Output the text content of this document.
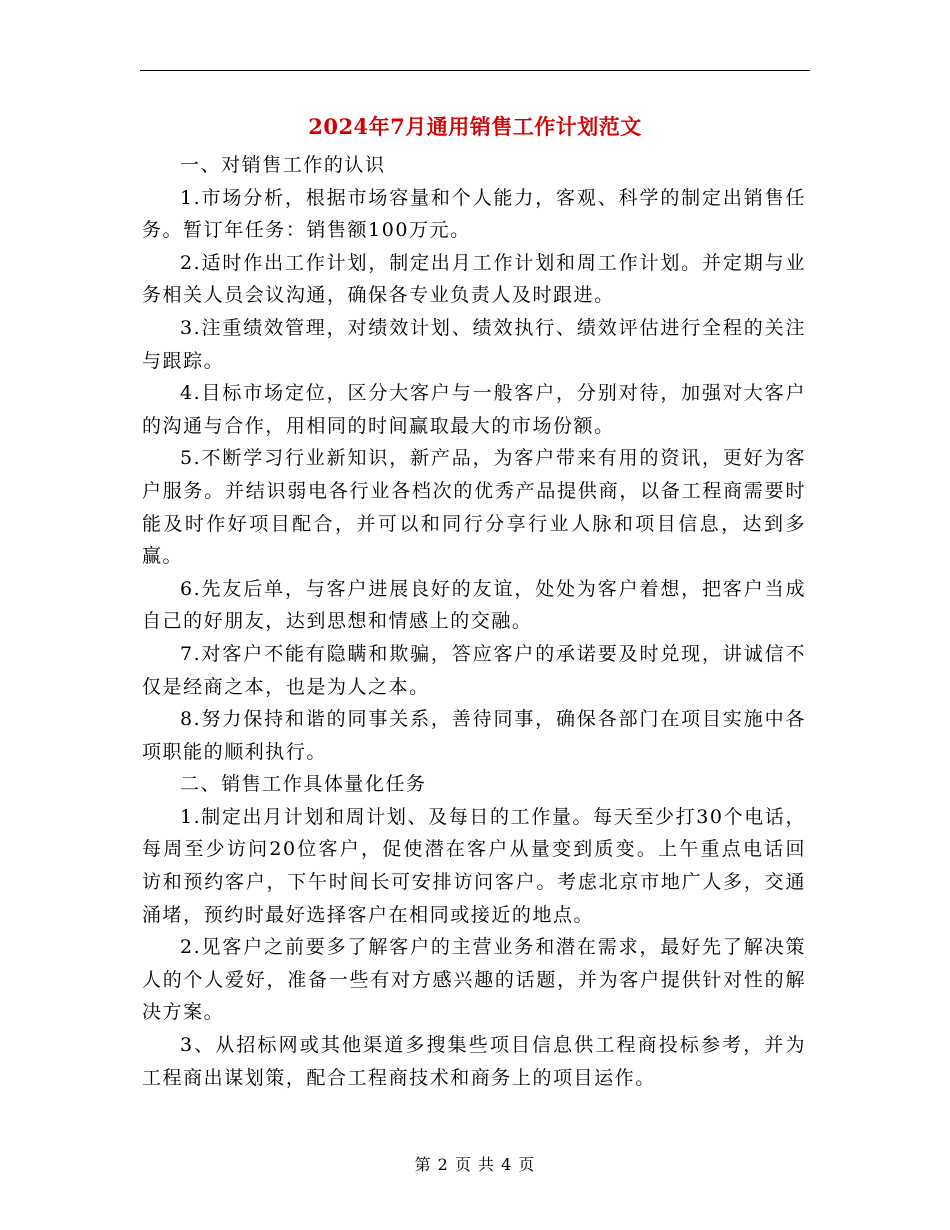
2024年7月通用销售工作计划范文

一、对销售工作的认识

1.市场分析，根据市场容量和个人能力，客观、科学的制定出销售任务。暂订年任务：销售额100万元。

2.适时作出工作计划，制定出月工作计划和周工作计划。并定期与业务相关人员会议沟通，确保各专业负责人及时跟进。

3.注重绩效管理，对绩效计划、绩效执行、绩效评估进行全程的关注与跟踪。

4.目标市场定位，区分大客户与一般客户，分别对待，加强对大客户的沟通与合作，用相同的时间赢取最大的市场份额。

5.不断学习行业新知识，新产品，为客户带来有用的资讯，更好为客户服务。并结识弱电各行业各档次的优秀产品提供商，以备工程商需要时能及时作好项目配合，并可以和同行分享行业人脉和项目信息，达到多赢。

6.先友后单，与客户进展良好的友谊，处处为客户着想，把客户当成自己的好朋友，达到思想和情感上的交融。

7.对客户不能有隐瞒和欺骗，答应客户的承诺要及时兑现，讲诚信不仅是经商之本，也是为人之本。

8.努力保持和谐的同事关系，善待同事，确保各部门在项目实施中各项职能的顺利执行。

二、销售工作具体量化任务

1.制定出月计划和周计划、及每日的工作量。每天至少打30个电话，每周至少访问20位客户，促使潜在客户从量变到质变。上午重点电话回访和预约客户，下午时间长可安排访问客户。考虑北京市地广人多，交通涌堵，预约时最好选择客户在相同或接近的地点。

2.见客户之前要多了解客户的主营业务和潜在需求，最好先了解决策人的个人爱好，准备一些有对方感兴趣的话题，并为客户提供针对性的解决方案。

3、从招标网或其他渠道多搜集些项目信息供工程商投标参考，并为工程商出谋划策，配合工程商技术和商务上的项目运作。

第 2 页 共 4 页
